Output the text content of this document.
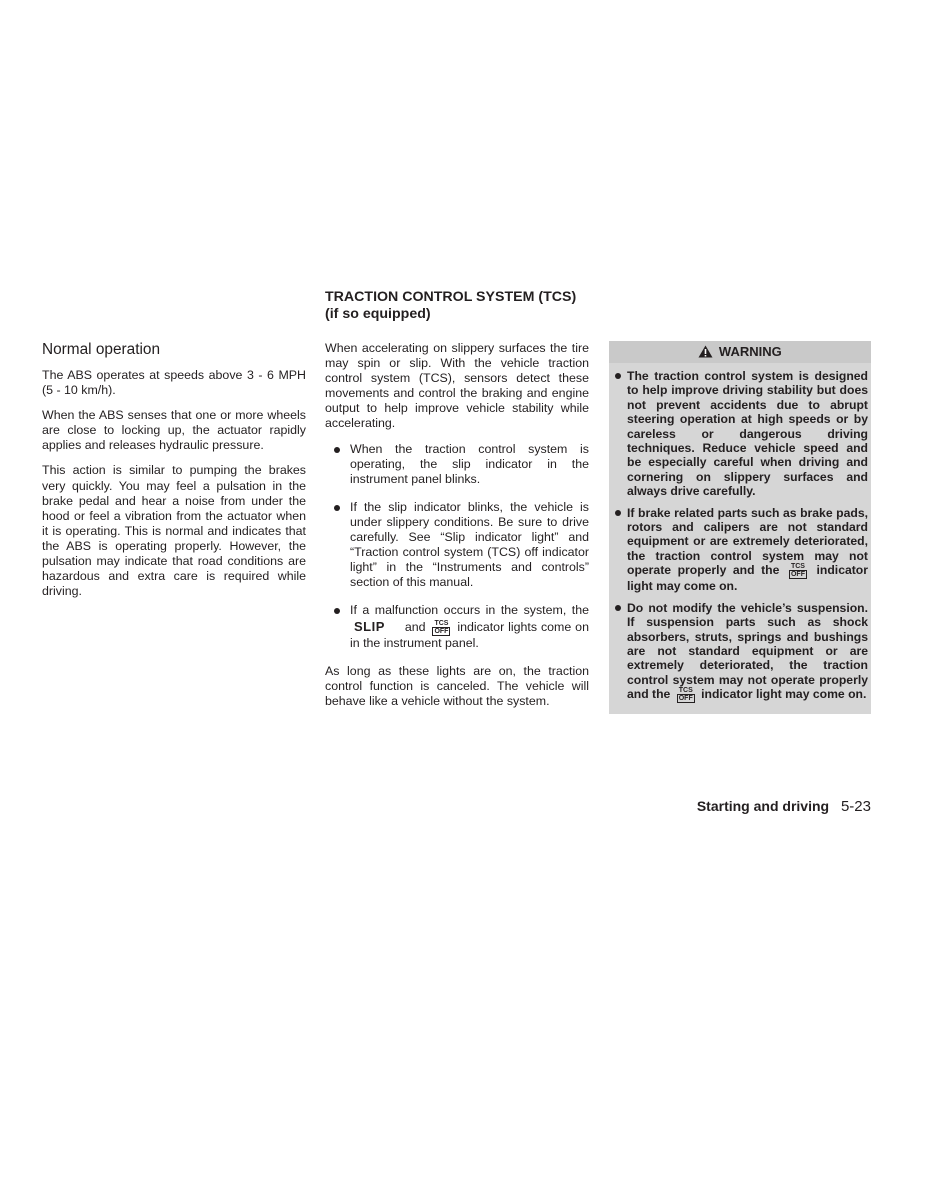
Normal operation

The ABS operates at speeds above 3 - 6 MPH (5 - 10 km/h).

When the ABS senses that one or more wheels are close to locking up, the actuator rapidly applies and releases hydraulic pressure.

This action is similar to pumping the brakes very quickly. You may feel a pulsation in the brake pedal and hear a noise from under the hood or feel a vibration from the actuator when it is operating. This is normal and indicates that the ABS is operating properly. However, the pulsation may indicate that road conditions are hazardous and extra care is required while driving.

TRACTION CONTROL SYSTEM (TCS)
(if so equipped)

When accelerating on slippery surfaces the tire may spin or slip. With the vehicle traction control system (TCS), sensors detect these movements and control the braking and engine output to help improve vehicle stability while accelerating.

When the traction control system is operating, the slip indicator in the instrument panel blinks.
If the slip indicator blinks, the vehicle is under slippery conditions. Be sure to drive carefully. See “Slip indicator light” and “Traction control system (TCS) off indicator light” in the “Instruments and controls” section of this manual.
If a malfunction occurs in the system, the SLIP and TCS
OFF indicator lights come on in the instrument panel.

As long as these lights are on, the traction control function is canceled. The vehicle will behave like a vehicle without the system.

WARNING
The traction control system is designed to help improve driving stability but does not prevent accidents due to abrupt steering operation at high speeds or by careless or dangerous driving techniques. Reduce vehicle speed and be especially careful when driving and cornering on slippery surfaces and always drive carefully.
If brake related parts such as brake pads, rotors and calipers are not standard equipment or are extremely deteriorated, the traction control system may not operate properly and the TCS
OFF indicator light may come on.
Do not modify the vehicle’s suspension. If suspension parts such as shock absorbers, struts, springs and bushings are not standard equipment or are extremely deteriorated, the traction control system may not operate properly and the TCS
OFF indicator light may come on.
Starting and driving 5-23
